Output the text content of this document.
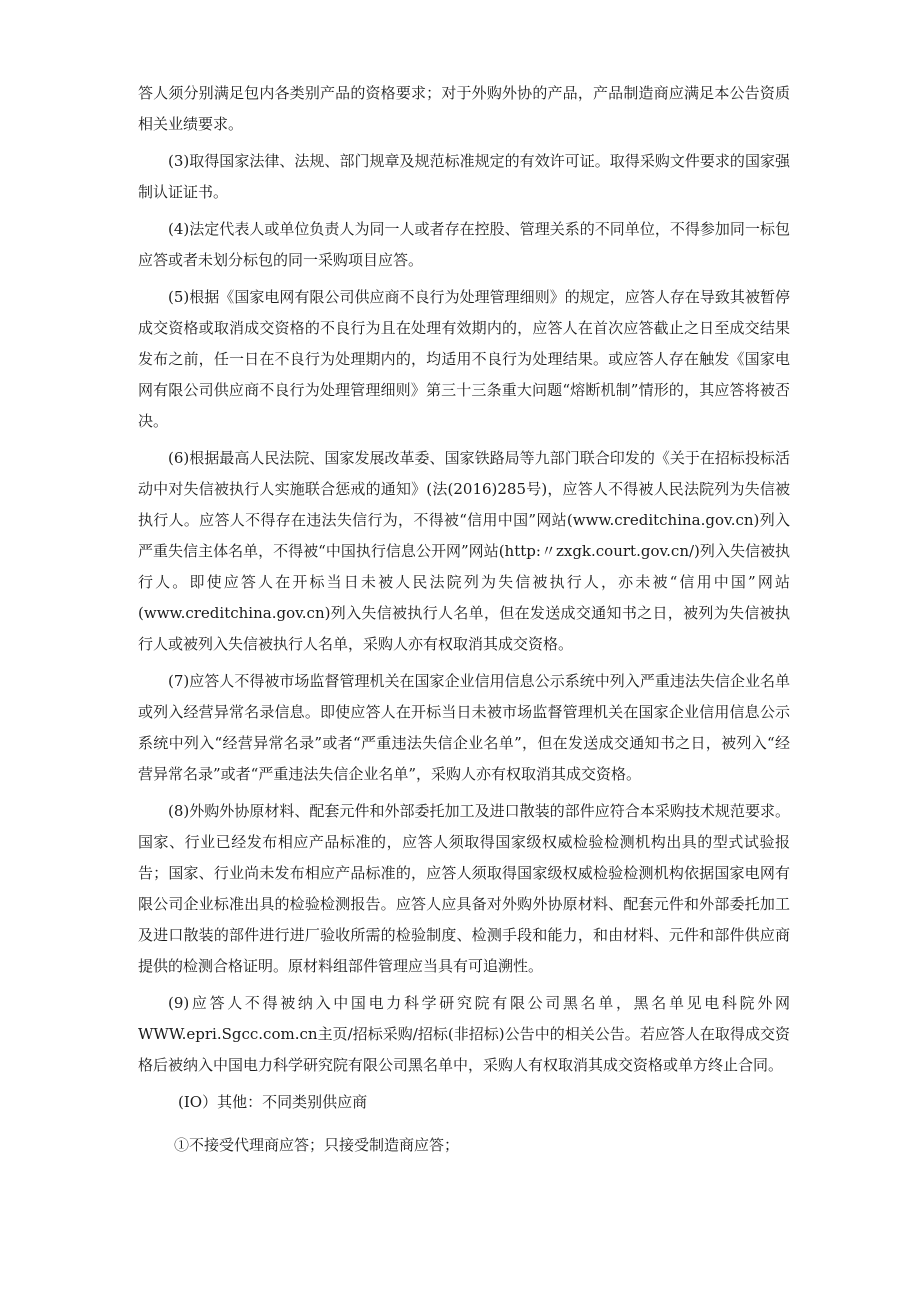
答人须分别满足包内各类别产品的资格要求；对于外购外协的产品，产品制造商应满足本公告资质相关业绩要求。

(3)取得国家法律、法规、部门规章及规范标准规定的有效许可证。取得采购文件要求的国家强制认证证书。

(4)法定代表人或单位负责人为同一人或者存在控股、管理关系的不同单位，不得参加同一标包应答或者未划分标包的同一采购项目应答。

(5)根据《国家电网有限公司供应商不良行为处理管理细则》的规定，应答人存在导致其被暂停成交资格或取消成交资格的不良行为且在处理有效期内的，应答人在首次应答截止之日至成交结果发布之前，任一日在不良行为处理期内的，均适用不良行为处理结果。或应答人存在触发《国家电网有限公司供应商不良行为处理管理细则》第三十三条重大问题“熔断机制”情形的，其应答将被否决。

(6)根据最高人民法院、国家发展改革委、国家铁路局等九部门联合印发的《关于在招标投标活动中对失信被执行人实施联合惩戒的通知》(法(2016)285号)，应答人不得被人民法院列为失信被执行人。应答人不得存在违法失信行为，不得被“信用中国”网站(www.creditchina.gov.cn)列入严重失信主体名单，不得被“中国执行信息公开网”网站(http:〃zxgk.court.gov.cn/)列入失信被执行人。即使应答人在开标当日未被人民法院列为失信被执行人，亦未被“信用中国”网站(www.creditchina.gov.cn)列入失信被执行人名单，但在发送成交通知书之日，被列为失信被执行人或被列入失信被执行人名单，采购人亦有权取消其成交资格。

(7)应答人不得被市场监督管理机关在国家企业信用信息公示系统中列入严重违法失信企业名单或列入经营异常名录信息。即使应答人在开标当日未被市场监督管理机关在国家企业信用信息公示系统中列入“经营异常名录”或者“严重违法失信企业名单”，但在发送成交通知书之日，被列入“经营异常名录”或者“严重违法失信企业名单”，采购人亦有权取消其成交资格。

(8)外购外协原材料、配套元件和外部委托加工及进口散装的部件应符合本采购技术规范要求。国家、行业已经发布相应产品标准的，应答人须取得国家级权威检验检测机构出具的型式试验报告；国家、行业尚未发布相应产品标准的，应答人须取得国家级权威检验检测机构依据国家电网有限公司企业标准出具的检验检测报告。应答人应具备对外购外协原材料、配套元件和外部委托加工及进口散装的部件进行进厂验收所需的检验制度、检测手段和能力，和由材料、元件和部件供应商提供的检测合格证明。原材料组部件管理应当具有可追溯性。

(9)应答人不得被纳入中国电力科学研究院有限公司黑名单，黑名单见电科院外网WWW.epri.Sgcc.com.cn主页/招标采购/招标(非招标)公告中的相关公告。若应答人在取得成交资格后被纳入中国电力科学研究院有限公司黑名单中，采购人有权取消其成交资格或单方终止合同。

(IO）其他：不同类别供应商

①不接受代理商应答；只接受制造商应答；
